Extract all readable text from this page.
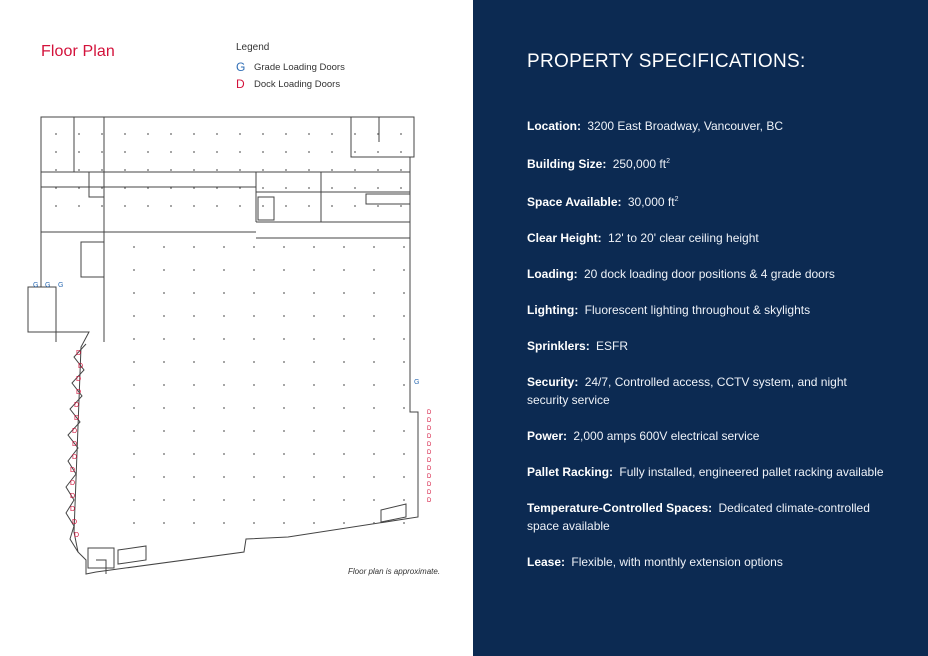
Floor Plan	Legend
G Grade Loading Doors
D Dock Loading Doors
G G G
G
D
D
D
D
D
D
D
D
D
D
D
D
D
D
D
D
D
D
D
D
D
D
D
D
D
D
D
Floor plan is approximate.
PROPERTY SPECIFICATIONS:
Location: 3200 East Broadway, Vancouver, BC
Building Size: 250,000 $ft^2$
Space Available: 30,000 $ft^2$
Clear Height: 12' to 20' clear ceiling height
Loading: 20 dock loading door positions & 4 grade doors
Lighting: Fluorescent lighting throughout & skylights
Sprinklers: ESFR
Security: 24/7, Controlled access, CCTV system, and night security service
Power: 2,000 amps 600V electrical service
Pallet Racking: Fully installed, engineered pallet racking available
Temperature-Controlled Spaces: Dedicated climate-controlled space available
Lease: Flexible, with monthly extension options
